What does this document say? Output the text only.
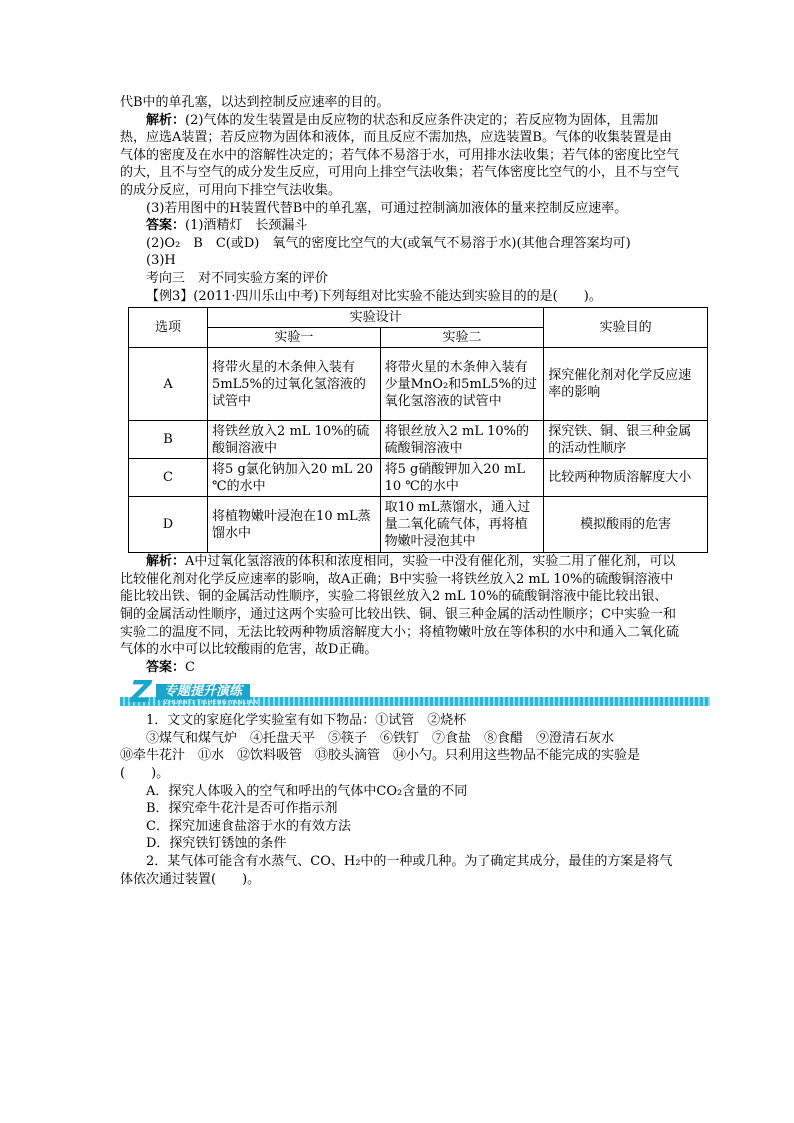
代B中的单孔塞，以达到控制反应速率的目的。

解析：(2)气体的发生装置是由反应物的状态和反应条件决定的；若反应物为固体，且需加热，应选A装置；若反应物为固体和液体，而且反应不需加热，应选装置B。气体的收集装置是由气体的密度及在水中的溶解性决定的；若气体不易溶于水，可用排水法收集；若气体的密度比空气的大，且不与空气的成分发生反应，可用向上排空气法收集；若气体密度比空气的小，且不与空气的成分反应，可用向下排空气法收集。

(3)若用图中的H装置代替B中的单孔塞，可通过控制滴加液体的量来控制反应速率。

答案：(1)酒精灯　长颈漏斗

(2)O₂　B　C(或D)　氧气的密度比空气的大(或氧气不易溶于水)(其他合理答案均可)

(3)H

考向三　对不同实验方案的评价

【例3】(2011·四川乐山中考)下列每组对比实验不能达到实验目的的是(　　)。

选项	实验设计		实验目的
	实验一	实验二	
A	将带火星的木条伸入装有5mL5%的过氧化氢溶液的试管中	将带火星的木条伸入装有少量MnO₂和5mL5%的过氧化氢溶液的试管中	探究催化剂对化学反应速率的影响
B	将铁丝放入2 mL 10%的硫酸铜溶液中	将银丝放入2 mL 10%的硫酸铜溶液中	探究铁、铜、银三种金属的活动性顺序
C	将5 g氯化钠加入20 mL 20 ℃的水中	将5 g硝酸钾加入20 mL 10 ℃的水中	比较两种物质溶解度大小
D	将植物嫩叶浸泡在10 mL蒸馏水中	取10 mL蒸馏水，通入过量二氧化硫气体，再将植物嫩叶浸泡其中	模拟酸雨的危害

解析：A中过氧化氢溶液的体积和浓度相同，实验一中没有催化剂，实验二用了催化剂，可以比较催化剂对化学反应速率的影响，故A正确；B中实验一将铁丝放入2 mL 10%的硫酸铜溶液中能比较出铁、铜的金属活动性顺序，实验二将银丝放入2 mL 10%的硫酸铜溶液中能比较出银、铜的金属活动性顺序，通过这两个实验可比较出铁、铜、银三种金属的活动性顺序；C中实验一和实验二的温度不同，无法比较两种物质溶解度大小；将植物嫩叶放在等体积的水中和通入二氧化硫气体的水中可以比较酸雨的危害，故D正确。

答案：C

专题提升演练
Z ZHUANTI TISHENG YANLIAN

1．文文的家庭化学实验室有如下物品：①试管　②烧杯

③煤气和煤气炉　④托盘天平　⑤筷子　⑥铁钉　⑦食盐　⑧食醋　⑨澄清石灰水

⑩牵牛花汁　⑪水　⑫饮料吸管　⑬胶头滴管　⑭小勺。只利用这些物品不能完成的实验是(　　)。

A．探究人体吸入的空气和呼出的气体中CO₂含量的不同

B．探究牵牛花汁是否可作指示剂

C．探究加速食盐溶于水的有效方法

D．探究铁钉锈蚀的条件

2．某气体可能含有水蒸气、CO、H₂中的一种或几种。为了确定其成分，最佳的方案是将气体依次通过装置(　　)。
